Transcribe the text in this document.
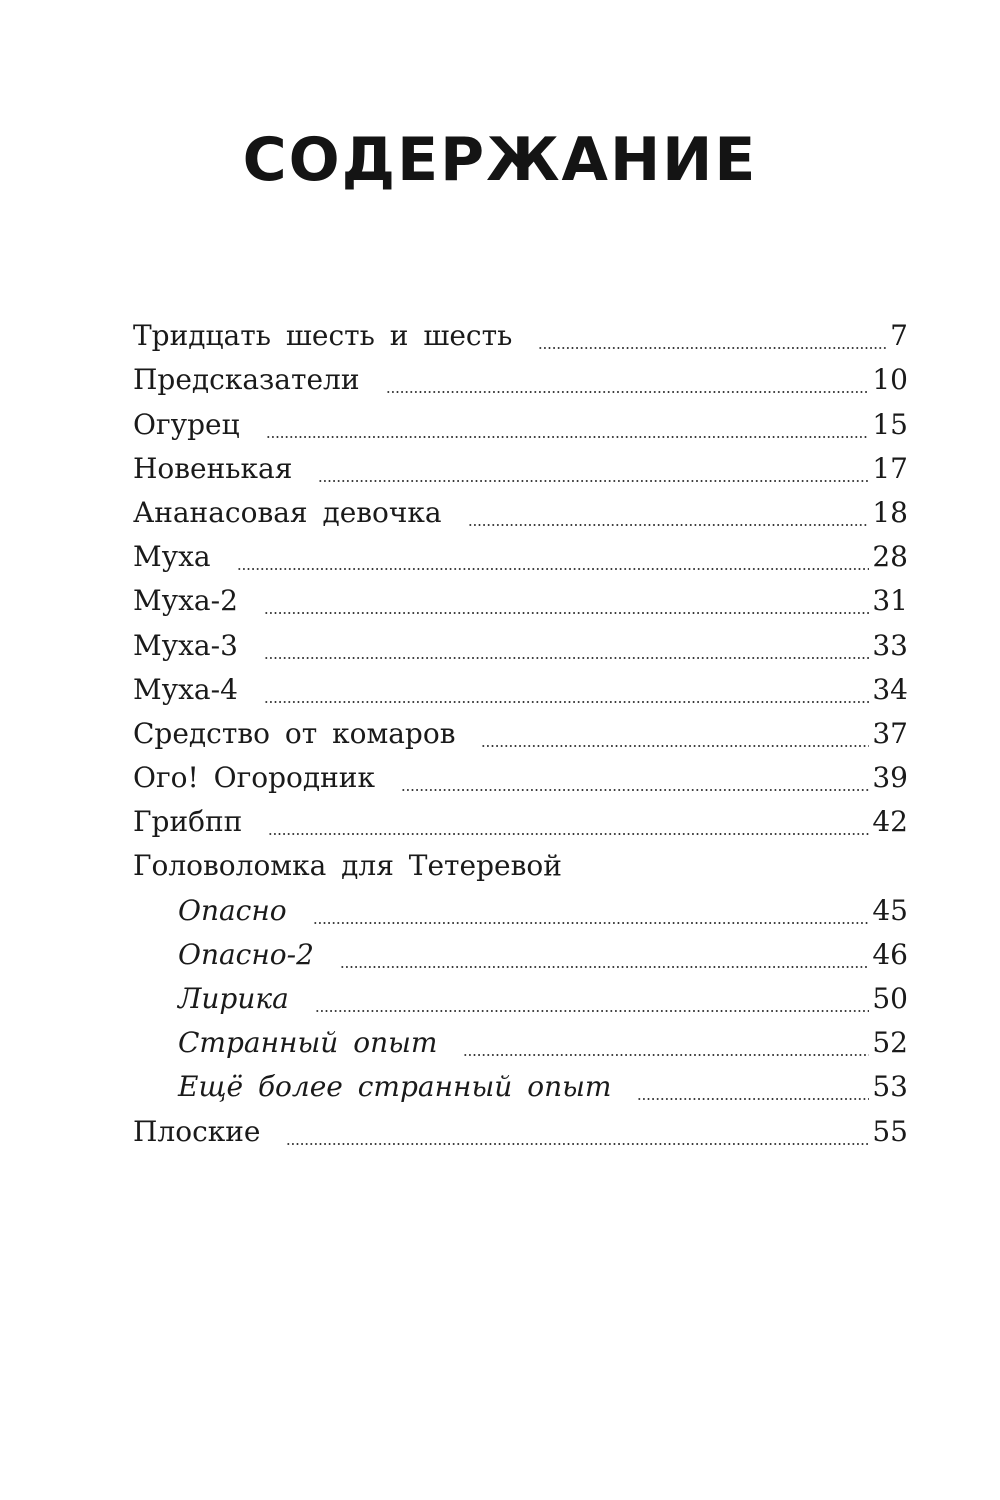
СОДЕРЖАНИЕ
Тридцать шесть и шесть	7
Предсказатели	10
Огурец	15
Новенькая	17
Ананасовая девочка	18
Муха	28
Муха-2	31
Муха-3	33
Муха-4	34
Средство от комаров	37
Ого! Огородник	39
Грибпп	42
Головоломка для Тетеревой
Опасно	45
Опасно-2	46
Лирика	50
Странный опыт	52
Ещё более странный опыт	53
Плоские	55
